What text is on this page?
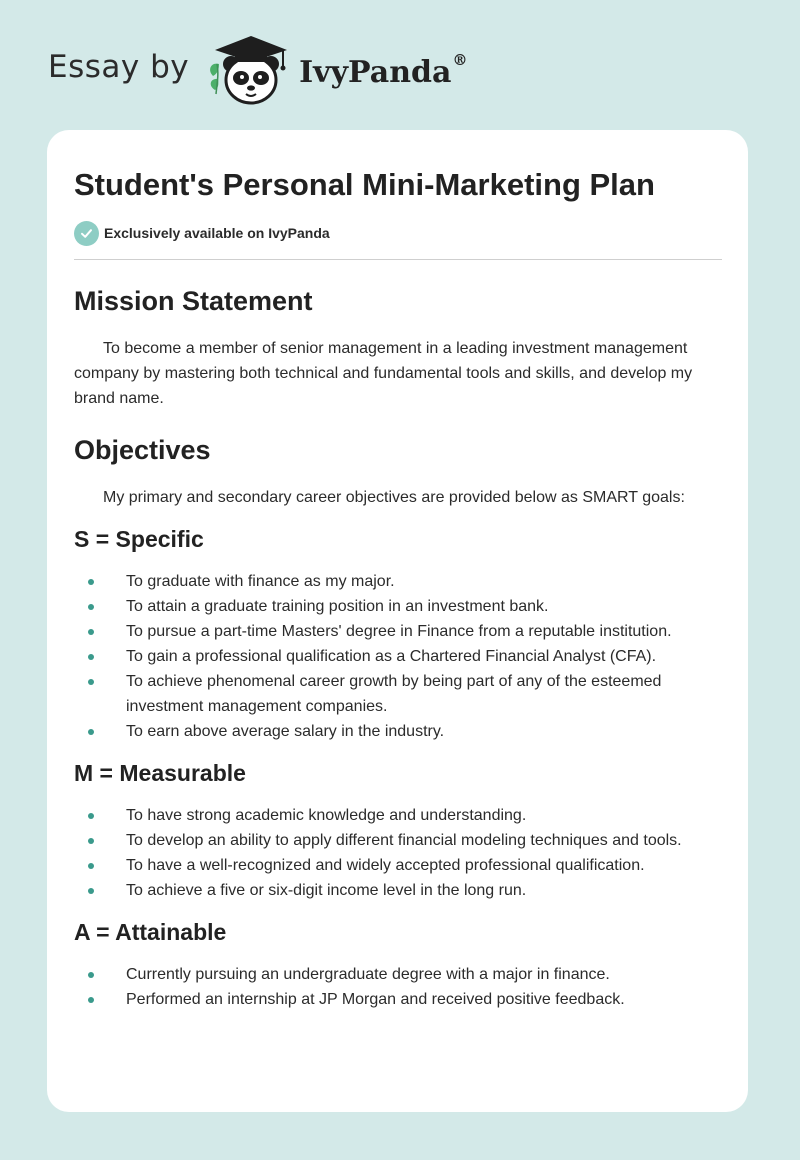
Essay by	IvyPanda®
Student's Personal Mini-Marketing Plan
Exclusively available on IvyPanda
Mission Statement

To become a member of senior management in a leading investment management company by mastering both technical and fundamental tools and skills, and develop my brand name.

Objectives

My primary and secondary career objectives are provided below as SMART goals:

S = Specific
To graduate with finance as my major.
To attain a graduate training position in an investment bank.
To pursue a part-time Masters' degree in Finance from a reputable institution.
To gain a professional qualification as a Chartered Financial Analyst (CFA).
To achieve phenomenal career growth by being part of any of the esteemed investment management companies.
To earn above average salary in the industry.
M = Measurable
To have strong academic knowledge and understanding.
To develop an ability to apply different financial modeling techniques and tools.
To have a well-recognized and widely accepted professional qualification.
To achieve a five or six-digit income level in the long run.
A = Attainable
Currently pursuing an undergraduate degree with a major in finance.
Performed an internship at JP Morgan and received positive feedback.
